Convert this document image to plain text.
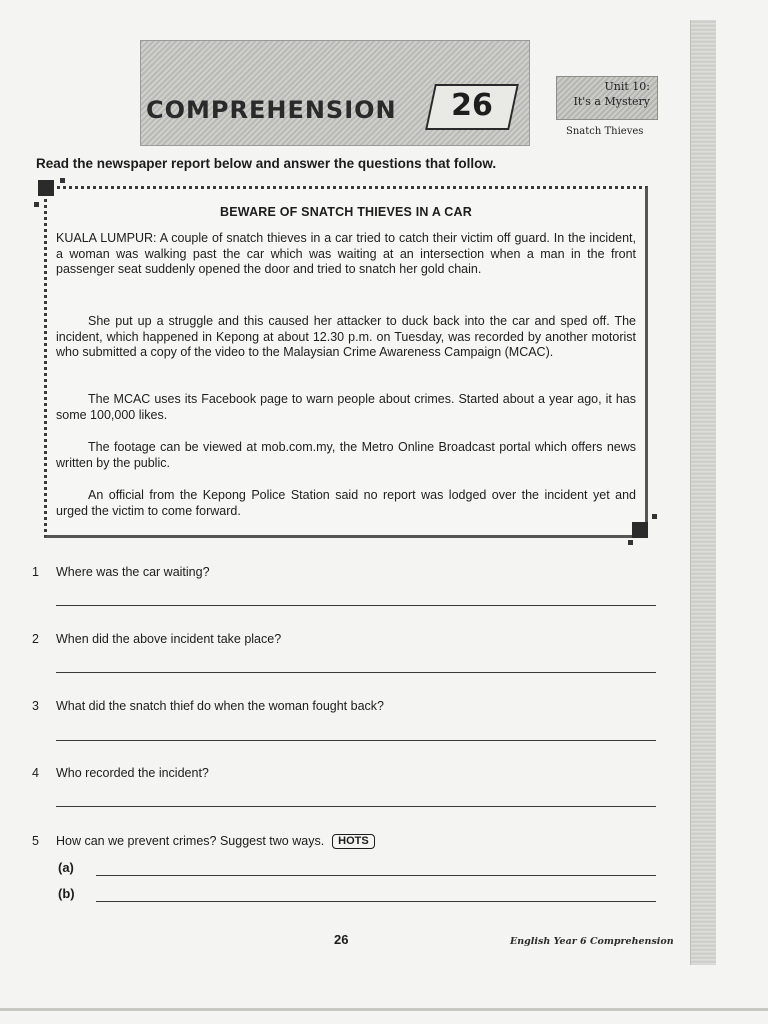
COMPREHENSION	26
Unit 10:
It's a Mystery
Snatch Thieves
Read the newspaper report below and answer the questions that follow.
BEWARE OF SNATCH THIEVES IN A CAR

KUALA LUMPUR: A couple of snatch thieves in a car tried to catch their victim off guard. In the incident, a woman was walking past the car which was waiting at an intersection when a man in the front passenger seat suddenly opened the door and tried to snatch her gold chain.

She put up a struggle and this caused her attacker to duck back into the car and sped off. The incident, which happened in Kepong at about 12.30 p.m. on Tuesday, was recorded by another motorist who submitted a copy of the video to the Malaysian Crime Awareness Campaign (MCAC).

The MCAC uses its Facebook page to warn people about crimes. Started about a year ago, it has some 100,000 likes.

The footage can be viewed at mob.com.my, the Metro Online Broadcast portal which offers news written by the public.

An official from the Kepong Police Station said no report was lodged over the incident yet and urged the victim to come forward.

1 Where was the car waiting?
2 When did the above incident take place?
3 What did the snatch thief do when the woman fought back?
4 Who recorded the incident?
5 How can we prevent crimes? Suggest two ways. HOTS
(a)
(b)
26	English Year 6 Comprehension
